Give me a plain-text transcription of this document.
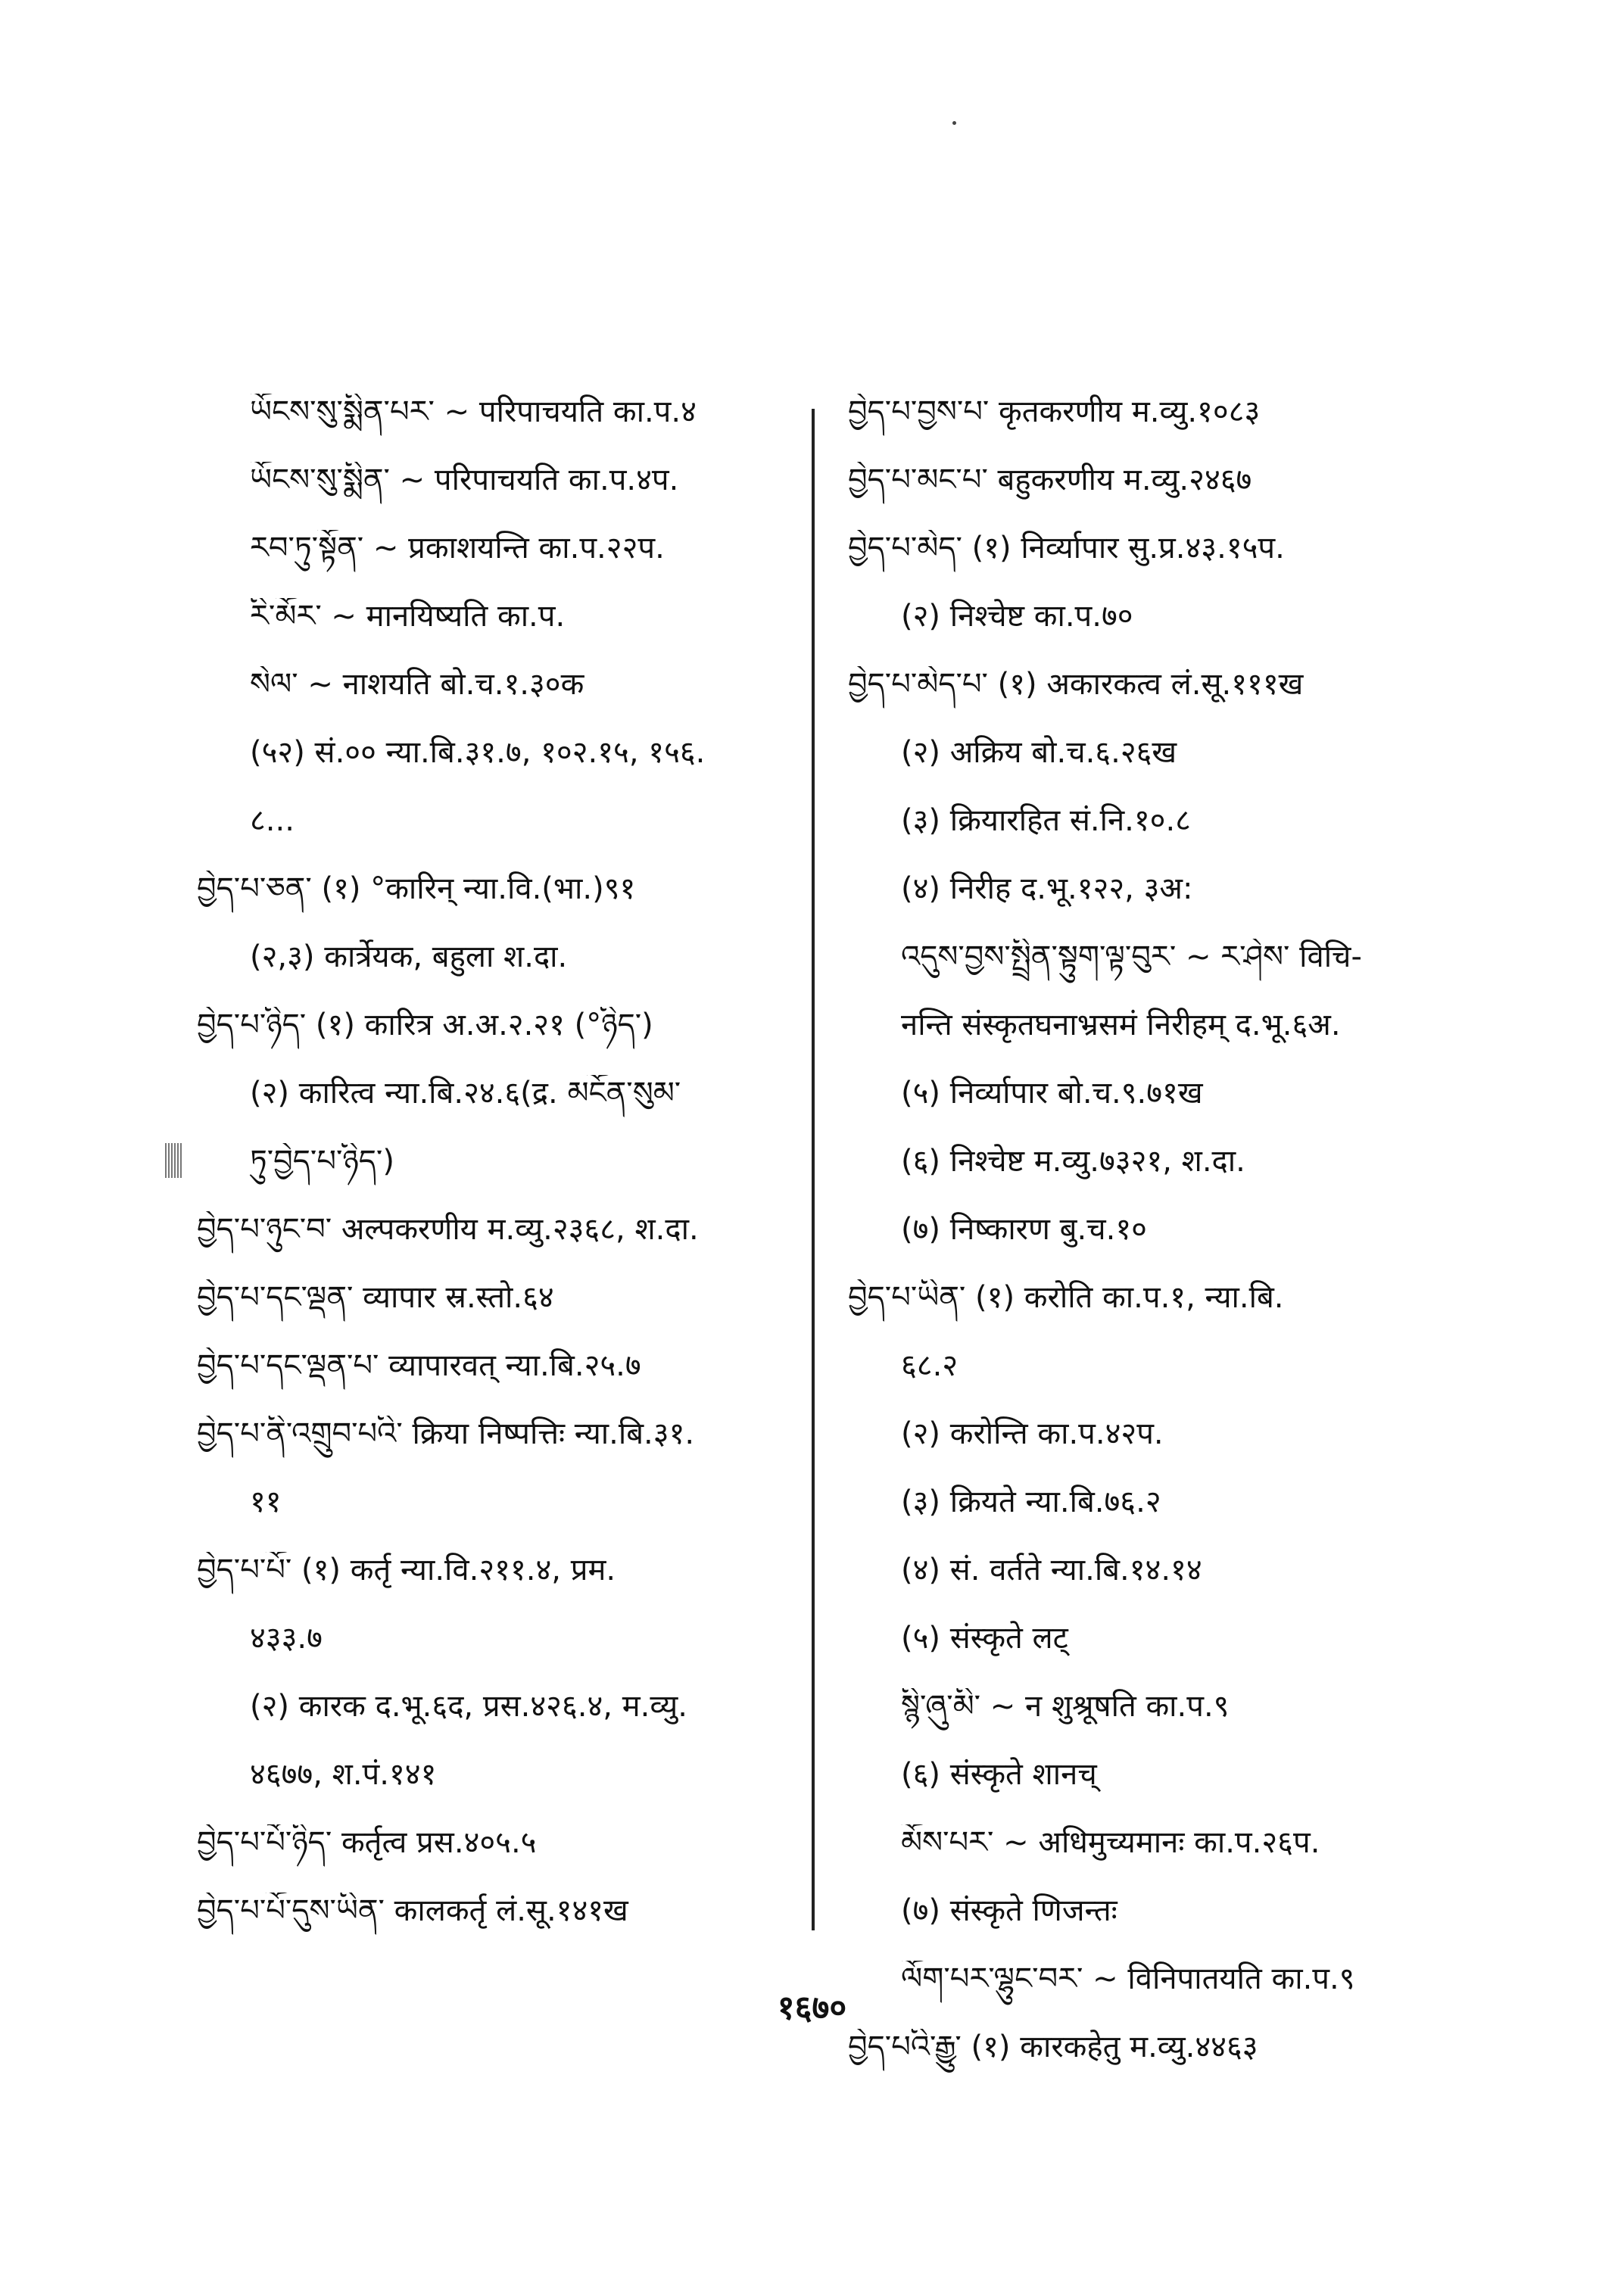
ཡོངས་སུ་སྨིན་པར་ ~ परिपाचयति का.प.४
ཡོངས་སུ་སྨིན་ ~ परिपाचयति का.प.४प.
རབ་ཏུ་སྟོན་ ~ प्रकाशयन्ति का.प.२२प.
རི་མོར་ ~ मानयिष्यति का.प.
སེལ་ ~ नाशयति बो.च.१.३०क
(५२) सं.०० न्या.बि.३१.७, १०२.१५, १५६.
८...
བྱེད་པ་ཅན་ (१) °कारिन् न्या.वि.(भा.)९१
(२,३) कार्त्रेयक, बहुला श.दा.
བྱེད་པ་ཉིད་ (१) कारित्र अ.अ.२.२१ (°ཉིད་)
(२) कारित्व न्या.बि.२४.६(द्र. མངོན་སུམ་
ཏུ་བྱེད་པ་ཉིད་)
བྱེད་པ་ཉུང་བ་ अल्पकरणीय म.व्यु.२३६८, श.दा.
བྱེད་པ་དང་ལྡན་ व्यापार स्र.स्तो.६४
བྱེད་པ་དང་ལྡན་པ་ व्यापारवत् न्या.बि.२५.७
བྱེད་པ་ནི་འགྲུབ་པའི་ क्रिया निष्पत्तिः न्या.बि.३१.
११
བྱེད་པ་པོ་ (१) कर्तृ न्या.वि.२११.४, प्रम.
४३३.७
(२) कारक द.भू.६द, प्रस.४२६.४, म.व्यु.
४६७७, श.पं.१४१
བྱེད་པ་པོ་ཉིད་ कर्तृत्व प्रस.४०५.५
བྱེད་པ་པོ་དུས་ཡིན་ कालकर्तृ लं.सू.१४१ख
བྱེད་པ་བྱས་པ་ कृतकरणीय म.व्यु.१०८३
བྱེད་པ་མང་པ་ बहुकरणीय म.व्यु.२४६७
བྱེད་པ་མེད་ (१) निर्व्यापार सु.प्र.४३.१५प.
(२) निश्चेष्ट का.प.७०
བྱེད་པ་མེད་པ་ (१) अकारकत्व लं.सू.१११ख
(२) अक्रिय बो.च.६.२६ख
(३) क्रियारहित सं.नि.१०.८
(४) निरीह द.भू.१२२, ३अ:
འདུས་བྱས་སྤྲིན་སྟུག་ལྟ་བུར་ ~ ར་ཤེས་ विचि-
नन्ति संस्कृतघनाभ्रसमं निरीहम् द.भू.६अ.
(५) निर्व्यापार बो.च.९.७१ख
(६) निश्चेष्ट म.व्यु.७३२१, श.दा.
(७) निष्कारण बु.च.१०
བྱེད་པ་ཡིན་ (१) करोति का.प.१, न्या.बि.
६८.२
(२) करोन्ति का.प.४२प.
(३) क्रियते न्या.बि.७६.२
(४) सं. वर्तते न्या.बि.१४.१४
(५) संस्कृते लट्
སྙི་ཞུ་མི་ ~ न शुश्रूषति का.प.९
(६) संस्कृते शानच्
མོས་པར་ ~ अधिमुच्यमानः का.प.२६प.
(७) संस्कृते णिजन्तः
ལོག་པར་ལྷུང་བར་ ~ विनिपातयति का.प.९
བྱེད་པའི་རྒྱུ་ (१) कारकहेतु म.व्यु.४४६३
१६७०
